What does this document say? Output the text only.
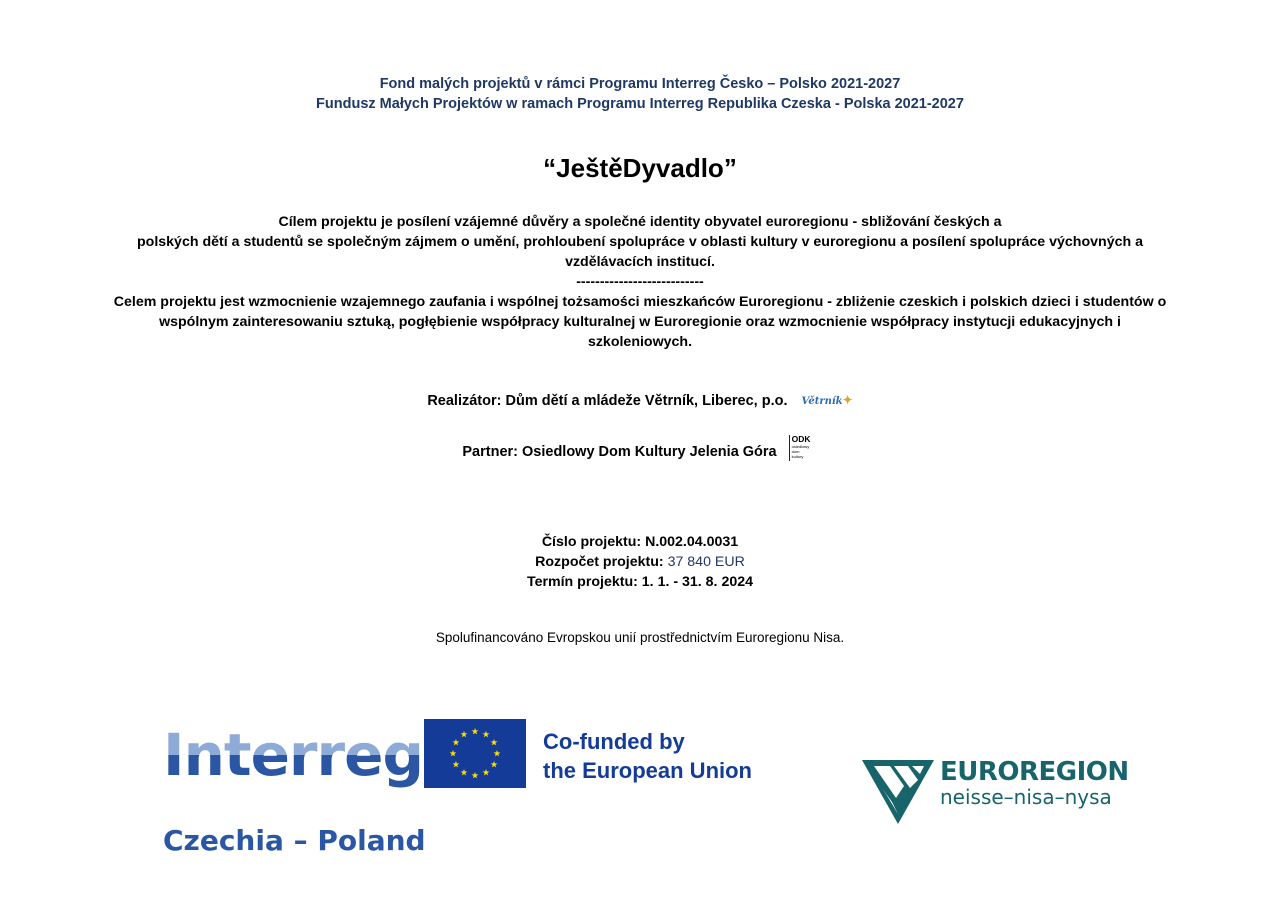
Fond malých projektů v rámci Programu Interreg Česko – Polsko 2021-2027
Fundusz Małych Projektów w ramach Programu Interreg Republika Czeska - Polska 2021-2027
“JeštěDyvadlo”
Cílem projektu je posílení vzájemné důvěry a společné identity obyvatel euroregionu - sbližování českých a
polských dětí a studentů se společným zájmem o umění, prohloubení spolupráce v oblasti kultury v euroregionu a posílení spolupráce výchovných a
vzdělávacích institucí.
---------------------------
Celem projektu jest wzmocnienie wzajemnego zaufania i wspólnej tożsamości mieszkańców Euroregionu - zbliżenie czeskich i polskich dzieci i studentów o
wspólnym zainteresowaniu sztuką, pogłębienie współpracy kulturalnej w Euroregionie oraz wzmocnienie współpracy instytucji edukacyjnych i
szkoleniowych.
Realizátor: Dům dětí a mládeže Větrník, Liberec, p.o. Větrník✦
Partner: Osiedlowy Dom Kultury Jelenia Góra
ODK
osiedlowy
dom
kultury
Číslo projektu: N.002.04.0031
Rozpočet projektu: 37 840 EUR
Termín projektu: 1. 1. - 31. 8. 2024
Spolufinancováno Evropskou unií prostřednictvím Euroregionu Nisa.
Interreg
Czechia – Poland
Co-funded by
the European Union	EUROREGION
neisse–nisa–nysa
